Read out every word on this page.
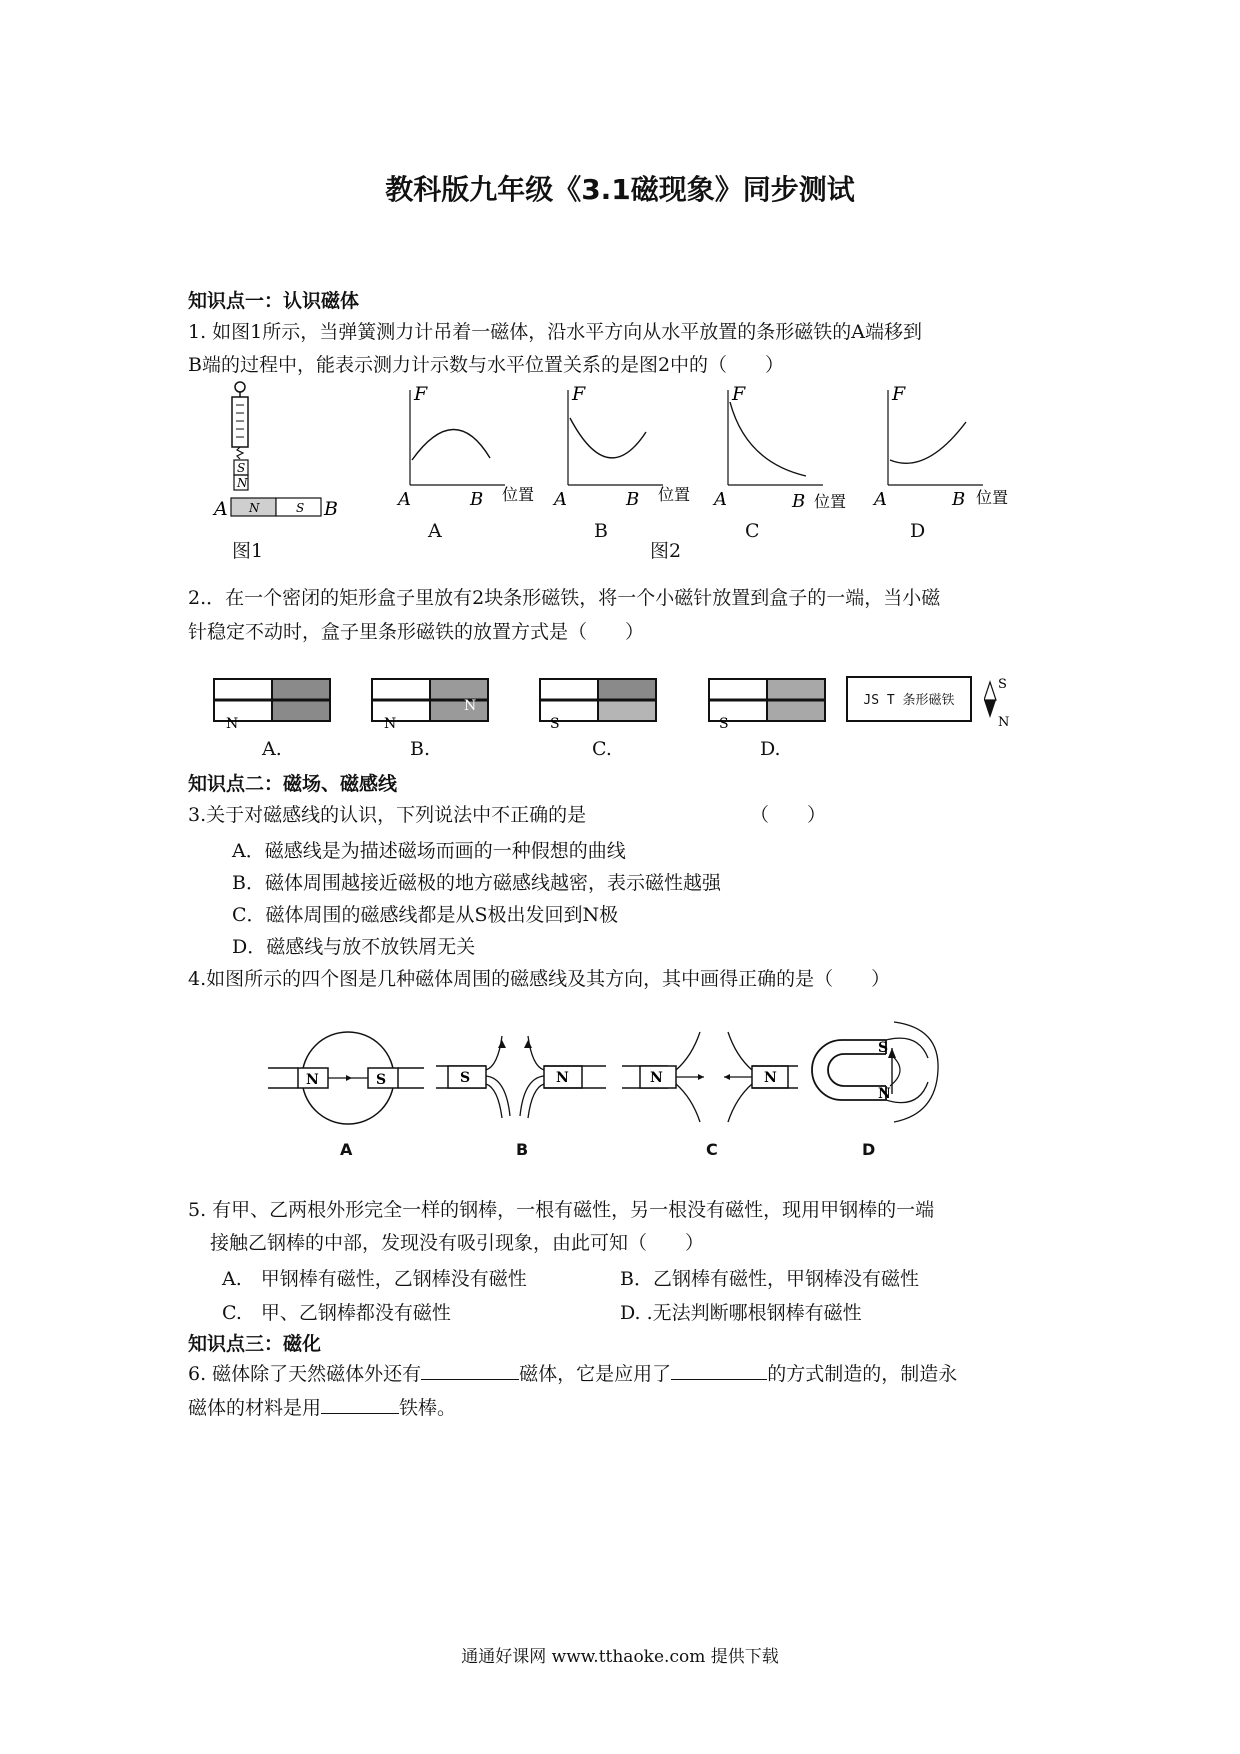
教科版九年级《3.1磁现象》同步测试
知识点一：认识磁体
1. 如图1所示，当弹簧测力计吊着一磁体，沿水平方向从水平放置的条形磁铁的A端移到
B端的过程中，能表示测力计示数与水平位置关系的是图2中的（　　）
S
N
A N	S B
图1
F
A	B 位置
F
A	B 位置
F
A	B 位置
F
A	B 位置
A	B	C	D
图2
2.．在一个密闭的矩形盒子里放有2块条形磁铁，将一个小磁针放置到盒子的一端，当小磁
针稳定不动时，盒子里条形磁铁的放置方式是（　　）
N	N
N
S	S
JS T 条形磁铁
S
N
A.	B.	C.	D.
知识点二：磁场、磁感线
3.关于对磁感线的认识，下列说法中不正确的是	（　　）
A．磁感线是为描述磁场而画的一种假想的曲线
B．磁体周围越接近磁极的地方磁感线越密，表示磁性越强
C．磁体周围的磁感线都是从S极出发回到N极
D．磁感线与放不放铁屑无关
4.如图所示的四个图是几种磁体周围的磁感线及其方向，其中画得正确的是（　　）
N	S	S	N	N	N
S
N
A	B	C	D
5. 有甲、乙两根外形完全一样的钢棒，一根有磁性，另一根没有磁性，现用甲钢棒的一端
接触乙钢棒的中部，发现没有吸引现象，由此可知（　　）
A.　甲钢棒有磁性，乙钢棒没有磁性	B．乙钢棒有磁性，甲钢棒没有磁性
C.　甲、乙钢棒都没有磁性	D. .无法判断哪根钢棒有磁性
知识点三：磁化
6. 磁体除了天然磁体外还有	磁体，它是应用了	的方式制造的，制造永
磁体的材料是用	铁棒。
通通好课网 www.tthaoke.com 提供下载
